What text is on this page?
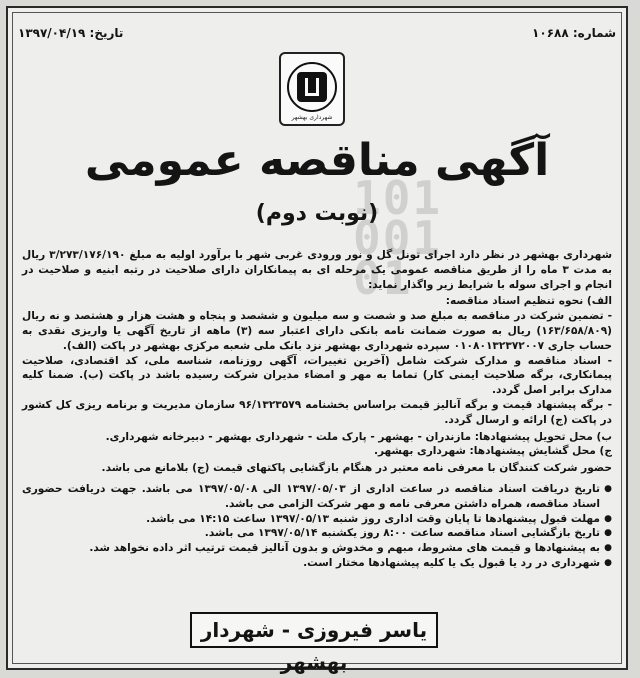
101
001
01
شماره: ۱۰۶۸۸
تاریخ: ۱۳۹۷/۰۴/۱۹
شهرداری بهشهر
آگهی مناقصه عمومی
(نوبت دوم)

شهرداری بهشهر در نظر دارد اجرای تونل گل و نور ورودی غربی شهر با برآورد اولیه به مبلغ ۳/۲۷۳/۱۷۶/۱۹۰ ریال به مدت ۳ ماه را از طریق مناقصه عمومی یک مرحله ای به پیمانکاران دارای صلاحیت در رتبه ابنیه و صلاحیت در انجام و اجرای سوله با شرایط زیر واگذار نماید:

الف) نحوه تنظیم اسناد مناقصه:

- تضمین شرکت در مناقصه به مبلغ صد و شصت و سه میلیون و ششصد و پنجاه و هشت هزار و هشتصد و نه ریال (۱۶۳/۶۵۸/۸۰۹) ریال به صورت ضمانت نامه بانکی دارای اعتبار سه (۳) ماهه از تاریخ آگهی یا واریزی نقدی به حساب جاری ۰۱۰۸۰۱۳۲۳۷۲۰۰۷ سپرده شهرداری بهشهر نزد بانک ملی شعبه مرکزی بهشهر در پاکت (الف).

- اسناد مناقصه و مدارک شرکت شامل (آخرین تغییرات، آگهی روزنامه، شناسه ملی، کد اقتصادی، صلاحیت پیمانکاری، برگه صلاحیت ایمنی کار) تماما به مهر و امضاء مدیران شرکت رسیده باشد در پاکت (ب). ضمنا کلیه مدارک برابر اصل گردد.

- برگه پیشنهاد قیمت و برگه آنالیز قیمت براساس بخشنامه ۹۶/۱۳۲۳۵۷۹ سازمان مدیریت و برنامه ریزی کل کشور در پاکت (ج) ارائه و ارسال گردد.

ب) محل تحویل پیشنهادها: مازندران - بهشهر - پارک ملت - شهرداری بهشهر - دبیرخانه شهرداری.

ج) محل گشایش پیشنهادها: شهرداری بهشهر.

حضور شرکت کنندگان با معرفی نامه معتبر در هنگام بازگشایی پاکتهای قیمت (ج) بلامانع می باشد.

● تاریخ دریافت اسناد مناقصه در ساعت اداری از ۱۳۹۷/۰۵/۰۳ الی ۱۳۹۷/۰۵/۰۸ می باشد. جهت دریافت حضوری اسناد مناقصه، همراه داشتن معرفی نامه و مهر شرکت الزامی می باشد.
● مهلت قبول پیشنهادها تا پایان وقت اداری روز شنبه ۱۳۹۷/۰۵/۱۳ ساعت ۱۴:۱۵ می باشد.
● تاریخ بازگشایی اسناد مناقصه ساعت ۸:۰۰ روز یکشنبه ۱۳۹۷/۰۵/۱۴ می باشد.
● به پیشنهادها و قیمت های مشروط، مبهم و مخدوش و بدون آنالیز قیمت ترتیب اثر داده نخواهد شد.
● شهرداری در رد یا قبول یک یا کلیه پیشنهادها مختار است.
یاسر فیروزی - شهردار بهشهر
